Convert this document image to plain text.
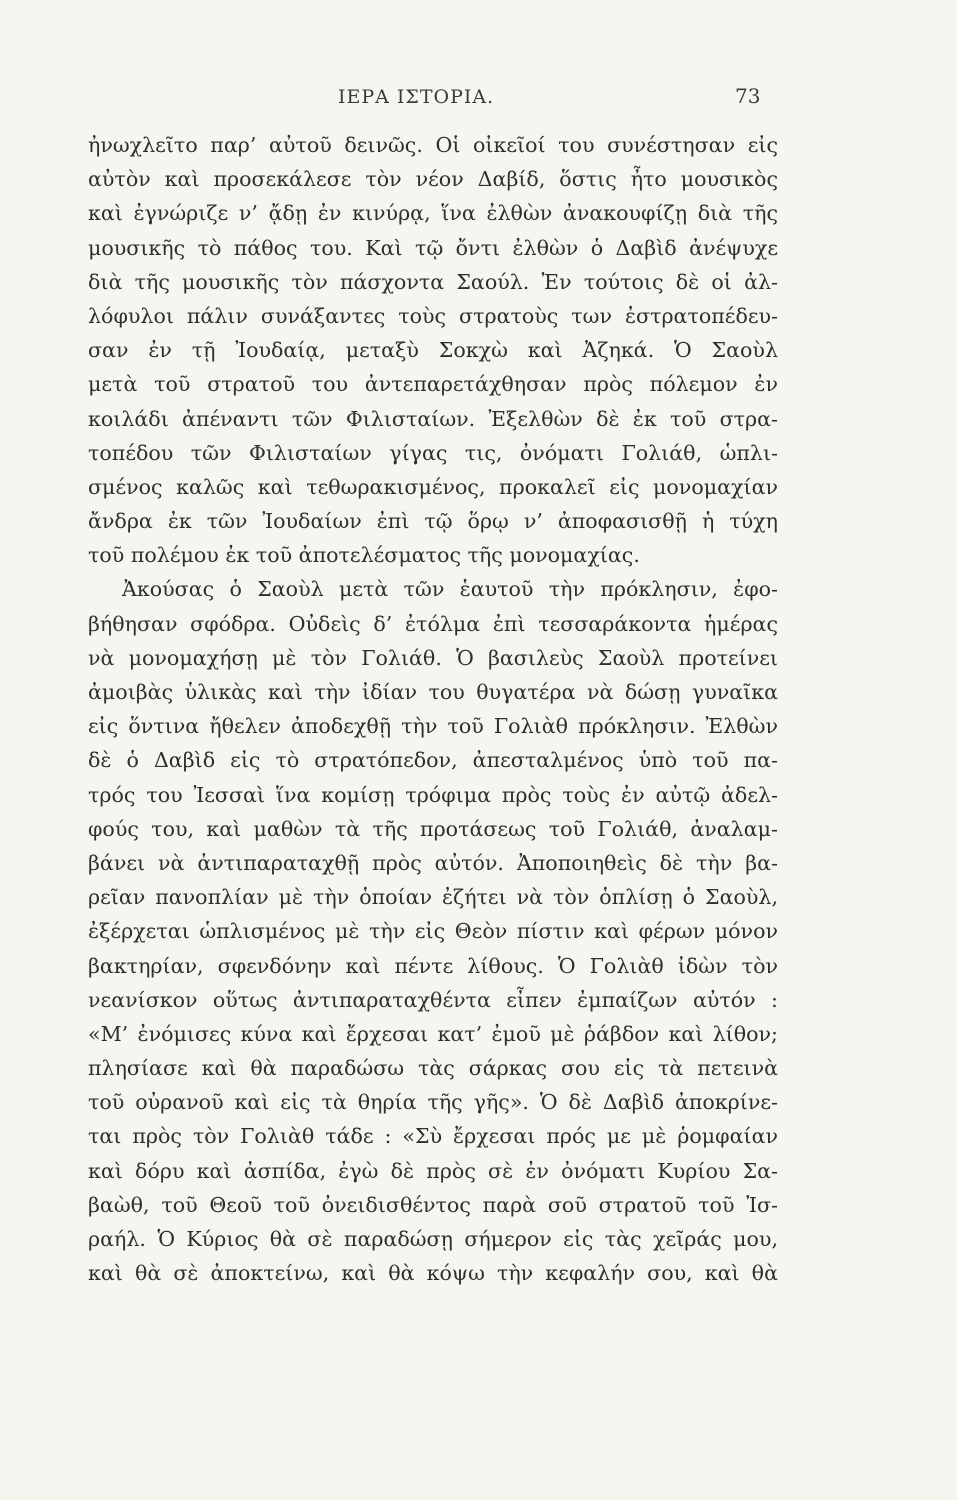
ΙΕΡΑ ΙΣΤΟΡΙΑ.	73
ἠνωχλεῖτο παρ’ αὐτοῦ δεινῶς. Οἱ οἰκεῖοί του συνέστησαν εἰς
αὐτὸν καὶ προσεκάλεσε τὸν νέον Δαβίδ, ὅστις ἦτο μουσικὸς
καὶ ἐγνώριζε ν’ ᾄδῃ ἐν κινύρᾳ, ἵνα ἐλθὼν ἀνακουφίζῃ διὰ τῆς
μουσικῆς τὸ πάθος του. Καὶ τῷ ὄντι ἐλθὼν ὁ Δαβὶδ ἀνέψυχε
διὰ τῆς μουσικῆς τὸν πάσχοντα Σαούλ. Ἐν τούτοις δὲ οἱ ἀλ-
λόφυλοι πάλιν συνάξαντες τοὺς στρατοὺς των ἐστρατοπέδευ-
σαν ἐν τῇ Ἰουδαίᾳ, μεταξὺ Σοκχὼ καὶ Ἀζηκά. Ὁ Σαοὺλ
μετὰ τοῦ στρατοῦ του ἀντεπαρετάχθησαν πρὸς πόλεμον ἐν
κοιλάδι ἀπέναντι τῶν Φιλισταίων. Ἐξελθὼν δὲ ἐκ τοῦ στρα-
τοπέδου τῶν Φιλισταίων γίγας τις, ὀνόματι Γολιάθ, ὡπλι-
σμένος καλῶς καὶ τεθωρακισμένος, προκαλεῖ εἰς μονομαχίαν
ἄνδρα ἐκ τῶν Ἰουδαίων ἐπὶ τῷ ὅρῳ ν’ ἀποφασισθῇ ἡ τύχη
τοῦ πολέμου ἐκ τοῦ ἀποτελέσματος τῆς μονομαχίας.
Ἀκούσας ὁ Σαοὺλ μετὰ τῶν ἑαυτοῦ τὴν πρόκλησιν, ἐφο-
βήθησαν σφόδρα. Οὐδεὶς δ’ ἐτόλμα ἐπὶ τεσσαράκοντα ἡμέρας
νὰ μονομαχήσῃ μὲ τὸν Γολιάθ. Ὁ βασιλεὺς Σαοὺλ προτείνει
ἀμοιβὰς ὑλικὰς καὶ τὴν ἰδίαν του θυγατέρα νὰ δώσῃ γυναῖκα
εἰς ὅντινα ἤθελεν ἀποδεχθῇ τὴν τοῦ Γολιὰθ πρόκλησιν. Ἐλθὼν
δὲ ὁ Δαβὶδ εἰς τὸ στρατόπεδον, ἀπεσταλμένος ὑπὸ τοῦ πα-
τρός του Ἰεσσαὶ ἵνα κομίσῃ τρόφιμα πρὸς τοὺς ἐν αὐτῷ ἀδελ-
φούς του, καὶ μαθὼν τὰ τῆς προτάσεως τοῦ Γολιάθ, ἀναλαμ-
βάνει νὰ ἀντιπαραταχθῇ πρὸς αὐτόν. Ἀποποιηθεὶς δὲ τὴν βα-
ρεῖαν πανοπλίαν μὲ τὴν ὁποίαν ἐζήτει νὰ τὸν ὁπλίσῃ ὁ Σαοὺλ,
ἐξέρχεται ὡπλισμένος μὲ τὴν εἰς Θεὸν πίστιν καὶ φέρων μόνον
βακτηρίαν, σφενδόνην καὶ πέντε λίθους. Ὁ Γολιὰθ ἰδὼν τὸν
νεανίσκον οὕτως ἀντιπαραταχθέντα εἶπεν ἐμπαίζων αὐτόν :
«Μ’ ἐνόμισες κύνα καὶ ἔρχεσαι κατ’ ἐμοῦ μὲ ῥάβδον καὶ λίθον;
πλησίασε καὶ θὰ παραδώσω τὰς σάρκας σου εἰς τὰ πετεινὰ
τοῦ οὐρανοῦ καὶ εἰς τὰ θηρία τῆς γῆς». Ὁ δὲ Δαβὶδ ἀποκρίνε-
ται πρὸς τὸν Γολιὰθ τάδε : «Σὺ ἔρχεσαι πρός με μὲ ῥομφαίαν
καὶ δόρυ καὶ ἀσπίδα, ἐγὼ δὲ πρὸς σὲ ἐν ὀνόματι Κυρίου Σα-
βαὼθ, τοῦ Θεοῦ τοῦ ὀνειδισθέντος παρὰ σοῦ στρατοῦ τοῦ Ἰσ-
ραήλ. Ὁ Κύριος θὰ σὲ παραδώσῃ σήμερον εἰς τὰς χεῖράς μου,
καὶ θὰ σὲ ἀποκτείνω, καὶ θὰ κόψω τὴν κεφαλήν σου, καὶ θὰ
